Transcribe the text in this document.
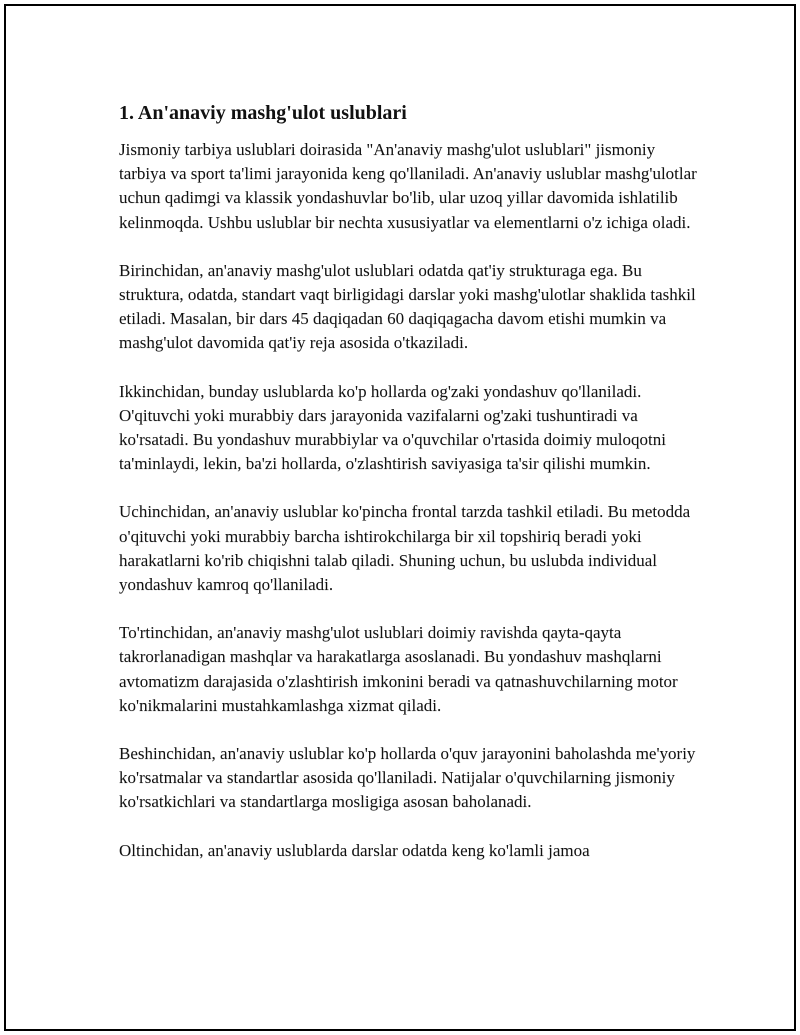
1. An'anaviy mashg'ulot uslublari

Jismoniy tarbiya uslublari doirasida "An'anaviy mashg'ulot uslublari" jismoniy tarbiya va sport ta'limi jarayonida keng qo'llaniladi. An'anaviy uslublar mashg'ulotlar uchun qadimgi va klassik yondashuvlar bo'lib, ular uzoq yillar davomida ishlatilib kelinmoqda. Ushbu uslublar bir nechta xususiyatlar va elementlarni o'z ichiga oladi.

Birinchidan, an'anaviy mashg'ulot uslublari odatda qat'iy strukturaga ega. Bu struktura, odatda, standart vaqt birligidagi darslar yoki mashg'ulotlar shaklida tashkil etiladi. Masalan, bir dars 45 daqiqadan 60 daqiqagacha davom etishi mumkin va mashg'ulot davomida qat'iy reja asosida o'tkaziladi.

Ikkinchidan, bunday uslublarda ko'p hollarda og'zaki yondashuv qo'llaniladi. O'qituvchi yoki murabbiy dars jarayonida vazifalarni og'zaki tushuntiradi va ko'rsatadi. Bu yondashuv murabbiylar va o'quvchilar o'rtasida doimiy muloqotni ta'minlaydi, lekin, ba'zi hollarda, o'zlashtirish saviyasiga ta'sir qilishi mumkin.

Uchinchidan, an'anaviy uslublar ko'pincha frontal tarzda tashkil etiladi. Bu metodda o'qituvchi yoki murabbiy barcha ishtirokchilarga bir xil topshiriq beradi yoki harakatlarni ko'rib chiqishni talab qiladi. Shuning uchun, bu uslubda individual yondashuv kamroq qo'llaniladi.

To'rtinchidan, an'anaviy mashg'ulot uslublari doimiy ravishda qayta-qayta takrorlanadigan mashqlar va harakatlarga asoslanadi. Bu yondashuv mashqlarni avtomatizm darajasida o'zlashtirish imkonini beradi va qatnashuvchilarning motor ko'nikmalarini mustahkamlashga xizmat qiladi.

Beshinchidan, an'anaviy uslublar ko'p hollarda o'quv jarayonini baholashda me'yoriy ko'rsatmalar va standartlar asosida qo'llaniladi. Natijalar o'quvchilarning jismoniy ko'rsatkichlari va standartlarga mosligiga asosan baholanadi.

Oltinchidan, an'anaviy uslublarda darslar odatda keng ko'lamli jamoa
